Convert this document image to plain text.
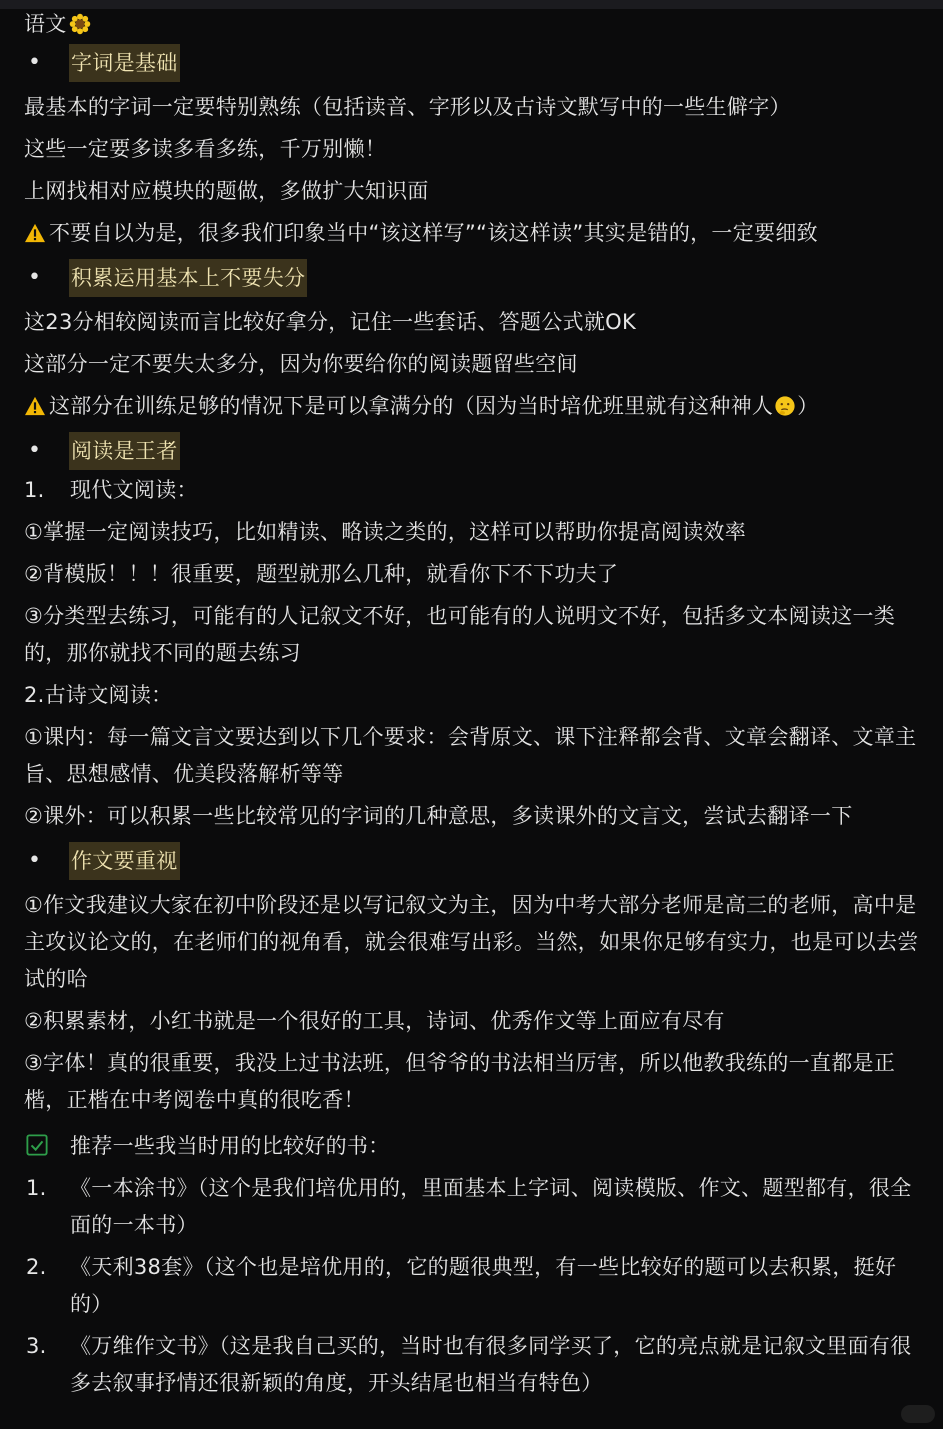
语文
• 字词是基础
最基本的字词一定要特别熟练（包括读音、字形以及古诗文默写中的一些生僻字）
这些一定要多读多看多练，千万别懒！
上网找相对应模块的题做，多做扩大知识面
不要自以为是，很多我们印象当中“该这样写”“该这样读”其实是错的，一定要细致
• 积累运用基本上不要失分
这23分相较阅读而言比较好拿分，记住一些套话、答题公式就OK
这部分一定不要失太多分，因为你要给你的阅读题留些空间
这部分在训练足够的情况下是可以拿满分的（因为当时培优班里就有这种神人 ）
• 阅读是王者
1.	现代文阅读：
①掌握一定阅读技巧，比如精读、略读之类的，这样可以帮助你提高阅读效率
②背模版！！！很重要，题型就那么几种，就看你下不下功夫了
③分类型去练习，可能有的人记叙文不好，也可能有的人说明文不好，包括多文本阅读这一类的，那你就找不同的题去练习
2.古诗文阅读：
①课内：每一篇文言文要达到以下几个要求：会背原文、课下注释都会背、文章会翻译、文章主旨、思想感情、优美段落解析等等
②课外：可以积累一些比较常见的字词的几种意思，多读课外的文言文，尝试去翻译一下
• 作文要重视
①作文我建议大家在初中阶段还是以写记叙文为主，因为中考大部分老师是高三的老师，高中是主攻议论文的，在老师们的视角看，就会很难写出彩。当然，如果你足够有实力，也是可以去尝试的哈
②积累素材，小红书就是一个很好的工具，诗词、优秀作文等上面应有尽有
③字体！真的很重要，我没上过书法班，但爷爷的书法相当厉害，所以他教我练的一直都是正楷，正楷在中考阅卷中真的很吃香！
推荐一些我当时用的比较好的书：
1.	《一本涂书》（这个是我们培优用的，里面基本上字词、阅读模版、作文、题型都有，很全面的一本书）
2.	《天利38套》（这个也是培优用的，它的题很典型，有一些比较好的题可以去积累，挺好的）
3.	《万维作文书》（这是我自己买的，当时也有很多同学买了，它的亮点就是记叙文里面有很多去叙事抒情还很新颖的角度，开头结尾也相当有特色）
